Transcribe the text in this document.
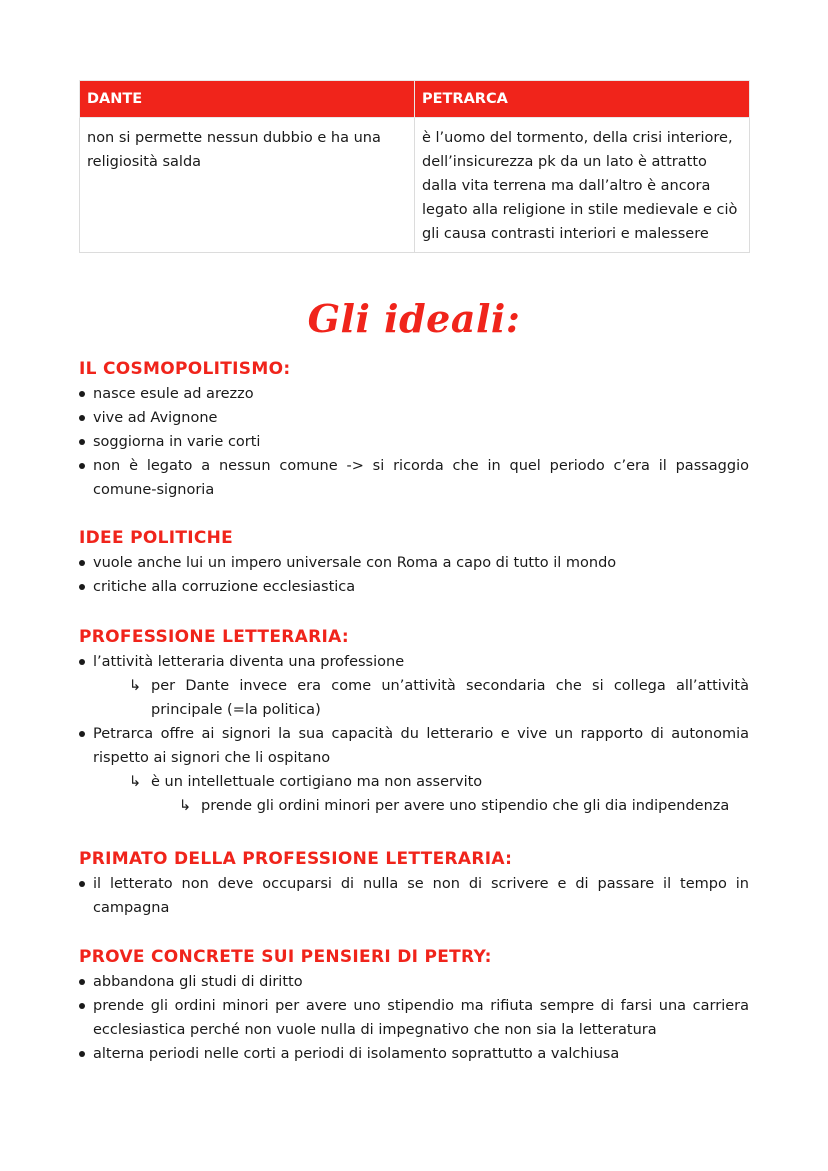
DANTE	PETRARCA
non si permette nessun dubbio e ha una religiosità salda	è l’uomo del tormento, della crisi interiore, dell’insicurezza pk da un lato è attratto dalla vita terrena ma dall’altro è ancora legato alla religione in stile medievale e ciò gli causa contrasti interiori e malessere
Gli ideali:
IL COSMOPOLITISMO:
nasce esule ad arezzo
vive ad Avignone
soggiorna in varie corti
non è legato a nessun comune -> si ricorda che in quel periodo c’era il passaggio comune-signoria
IDEE POLITICHE
vuole anche lui un impero universale con Roma a capo di tutto il mondo
critiche alla corruzione ecclesiastica
PROFESSIONE LETTERARIA:
l’attività letteraria diventa una professione
↳ per Dante invece era come un’attività secondaria che si collega all’attività principale (=la politica)
Petrarca offre ai signori la sua capacità du letterario e vive un rapporto di autonomia rispetto ai signori che li ospitano
↳ è un intellettuale cortigiano ma non asservito
↳ prende gli ordini minori per avere uno stipendio che gli dia indipendenza
PRIMATO DELLA PROFESSIONE LETTERARIA:
il letterato non deve occuparsi di nulla se non di scrivere e di passare il tempo in campagna
PROVE CONCRETE SUI PENSIERI DI PETRY:
abbandona gli studi di diritto
prende gli ordini minori per avere uno stipendio ma rifiuta sempre di farsi una carriera ecclesiastica perché non vuole nulla di impegnativo che non sia la letteratura
alterna periodi nelle corti a periodi di isolamento soprattutto a valchiusa
